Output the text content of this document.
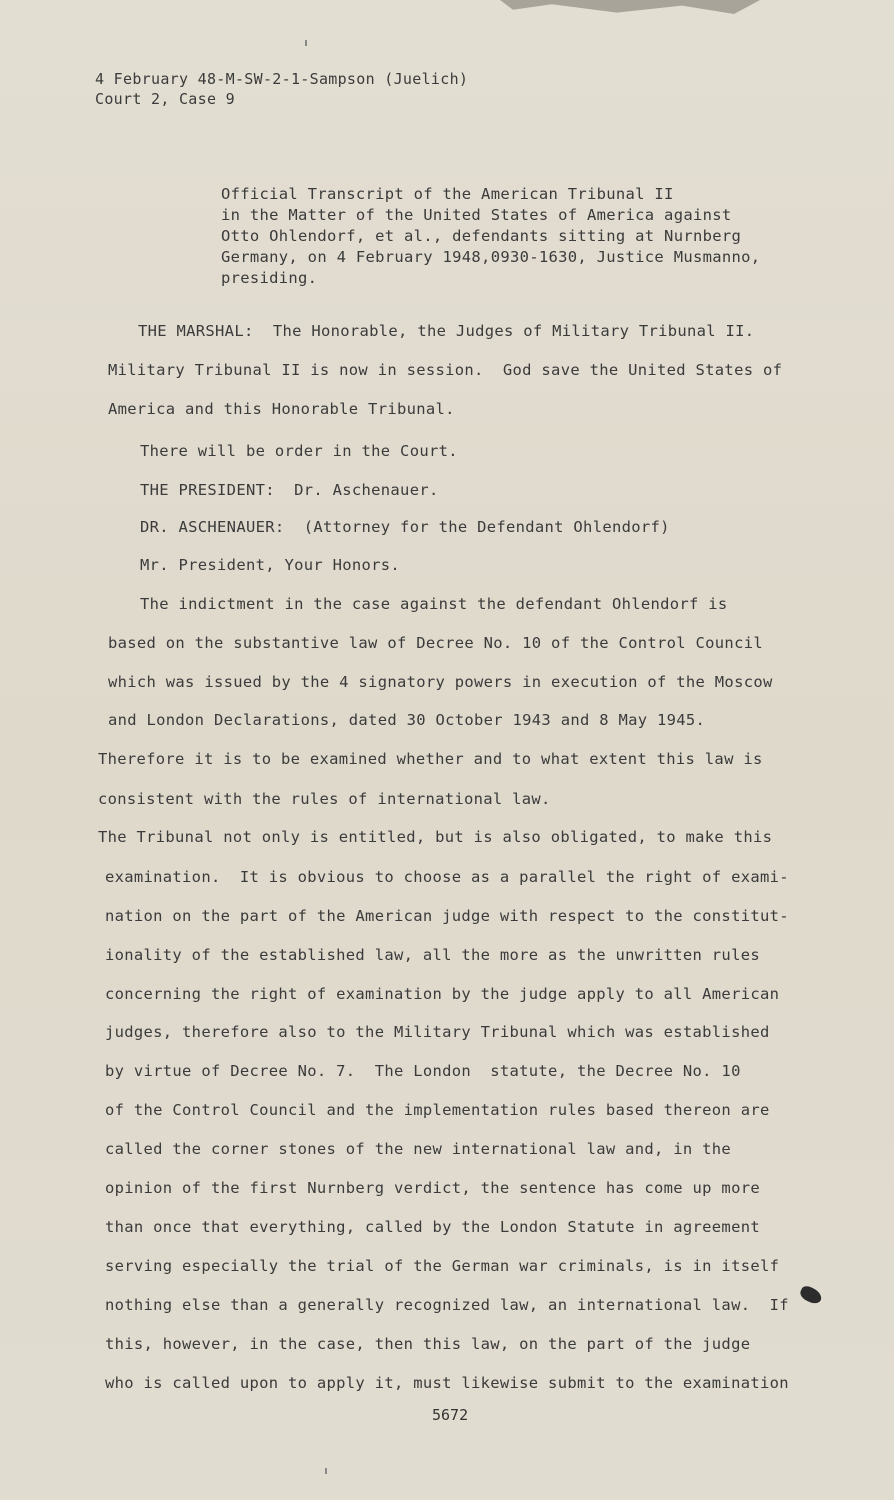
4 February 48-M-SW-2-1-Sampson (Juelich)
Court 2, Case 9
Official Transcript of the American Tribunal II
in the Matter of the United States of America against
Otto Ohlendorf, et al., defendants sitting at Nurnberg
Germany, on 4 February 1948,0930-1630, Justice Musmanno,
presiding.
THE MARSHAL:  The Honorable, the Judges of Military Tribunal II.
Military Tribunal II is now in session.  God save the United States of
America and this Honorable Tribunal.
There will be order in the Court.
THE PRESIDENT:  Dr. Aschenauer.
DR. ASCHENAUER:  (Attorney for the Defendant Ohlendorf)
Mr. President, Your Honors.
The indictment in the case against the defendant Ohlendorf is
based on the substantive law of Decree No. 10 of the Control Council
which was issued by the 4 signatory powers in execution of the Moscow
and London Declarations, dated 30 October 1943 and 8 May 1945.
Therefore it is to be examined whether and to what extent this law is
consistent with the rules of international law.
The Tribunal not only is entitled, but is also obligated, to make this
examination.  It is obvious to choose as a parallel the right of exami-
nation on the part of the American judge with respect to the constitut-
ionality of the established law, all the more as the unwritten rules
concerning the right of examination by the judge apply to all American
judges, therefore also to the Military Tribunal which was established
by virtue of Decree No. 7.  The London  statute, the Decree No. 10
of the Control Council and the implementation rules based thereon are
called the corner stones of the new international law and, in the
opinion of the first Nurnberg verdict, the sentence has come up more
than once that everything, called by the London Statute in agreement
serving especially the trial of the German war criminals, is in itself
nothing else than a generally recognized law, an international law.  If
this, however, in the case, then this law, on the part of the judge
who is called upon to apply it, must likewise submit to the examination
5672
